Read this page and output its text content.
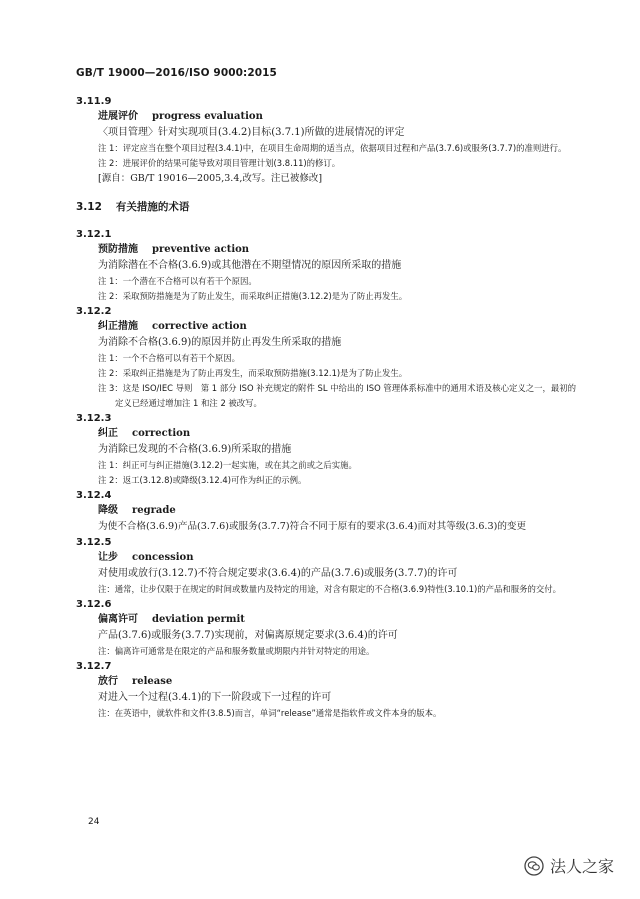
GB/T 19000—2016/ISO 9000:2015
3.11.9
进展评价 progress evaluation
〈项目管理〉针对实现项目(3.4.2)目标(3.7.1)所做的进展情况的评定
注 1：评定应当在整个项目过程(3.4.1)中，在项目生命周期的适当点，依据项目过程和产品(3.7.6)或服务(3.7.7)的准则进行。
注 2：进展评价的结果可能导致对项目管理计划(3.8.11)的修订。
[源自：GB/T 19016—2005,3.4,改写。注已被修改]
3.12 有关措施的术语
3.12.1
预防措施 preventive action
为消除潜在不合格(3.6.9)或其他潜在不期望情况的原因所采取的措施
注 1：一个潜在不合格可以有若干个原因。
注 2：采取预防措施是为了防止发生，而采取纠正措施(3.12.2)是为了防止再发生。
3.12.2
纠正措施 corrective action
为消除不合格(3.6.9)的原因并防止再发生所采取的措施
注 1：一个不合格可以有若干个原因。
注 2：采取纠正措施是为了防止再发生，而采取预防措施(3.12.1)是为了防止发生。
注 3：这是 ISO/IEC 导则　第 1 部分 ISO 补充规定的附件 SL 中给出的 ISO 管理体系标准中的通用术语及核心定义之一，最初的定义已经通过增加注 1 和注 2 被改写。
3.12.3
纠正 correction
为消除已发现的不合格(3.6.9)所采取的措施
注 1：纠正可与纠正措施(3.12.2)一起实施，或在其之前或之后实施。
注 2：返工(3.12.8)或降级(3.12.4)可作为纠正的示例。
3.12.4
降级 regrade
为使不合格(3.6.9)产品(3.7.6)或服务(3.7.7)符合不同于原有的要求(3.6.4)而对其等级(3.6.3)的变更
3.12.5
让步 concession
对使用或放行(3.12.7)不符合规定要求(3.6.4)的产品(3.7.6)或服务(3.7.7)的许可
注：通常，让步仅限于在规定的时间或数量内及特定的用途，对含有限定的不合格(3.6.9)特性(3.10.1)的产品和服务的交付。
3.12.6
偏离许可 deviation permit
产品(3.7.6)或服务(3.7.7)实现前，对偏离原规定要求(3.6.4)的许可
注：偏离许可通常是在限定的产品和服务数量或期限内并针对特定的用途。
3.12.7
放行 release
对进入一个过程(3.4.1)的下一阶段或下一过程的许可
注：在英语中，就软件和文件(3.8.5)而言，单词“release”通常是指软件或文件本身的版本。
24
法人之家
